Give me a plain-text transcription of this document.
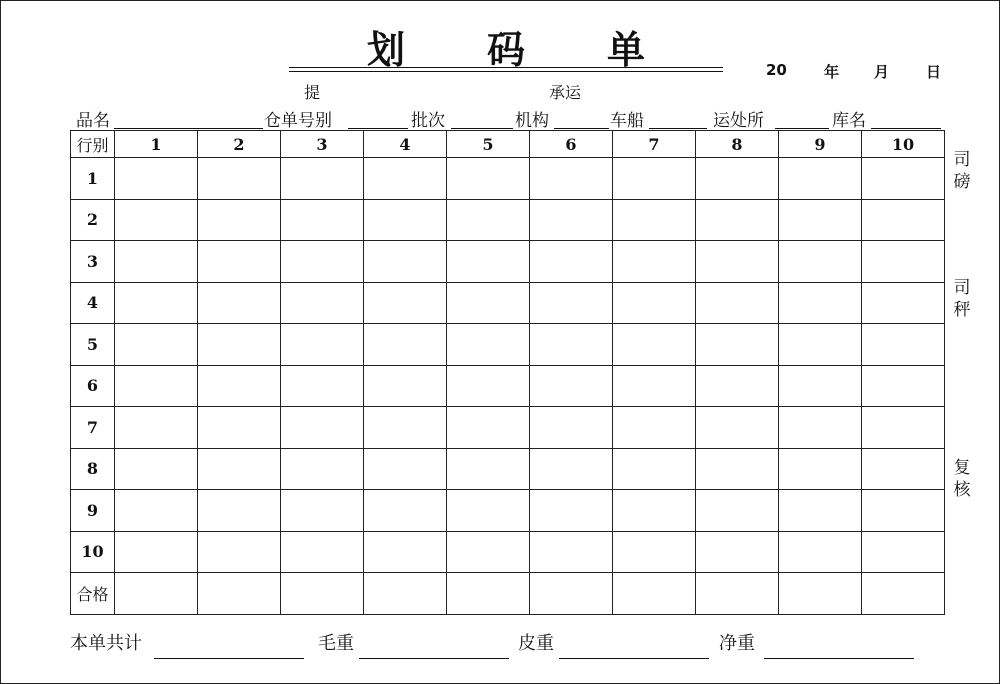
划 码 单	20 年 月 日
提	承运
品名	仓单号别	批次	机构	车船	运处所	库名
行别	1	2	3	4	5	6	7	8	9	10
1										
2										
3										
4										
5										
6										
7										
8										
9										
10										
合格										
司磅
司秤
复核
本单共计	毛重	皮重	净重
